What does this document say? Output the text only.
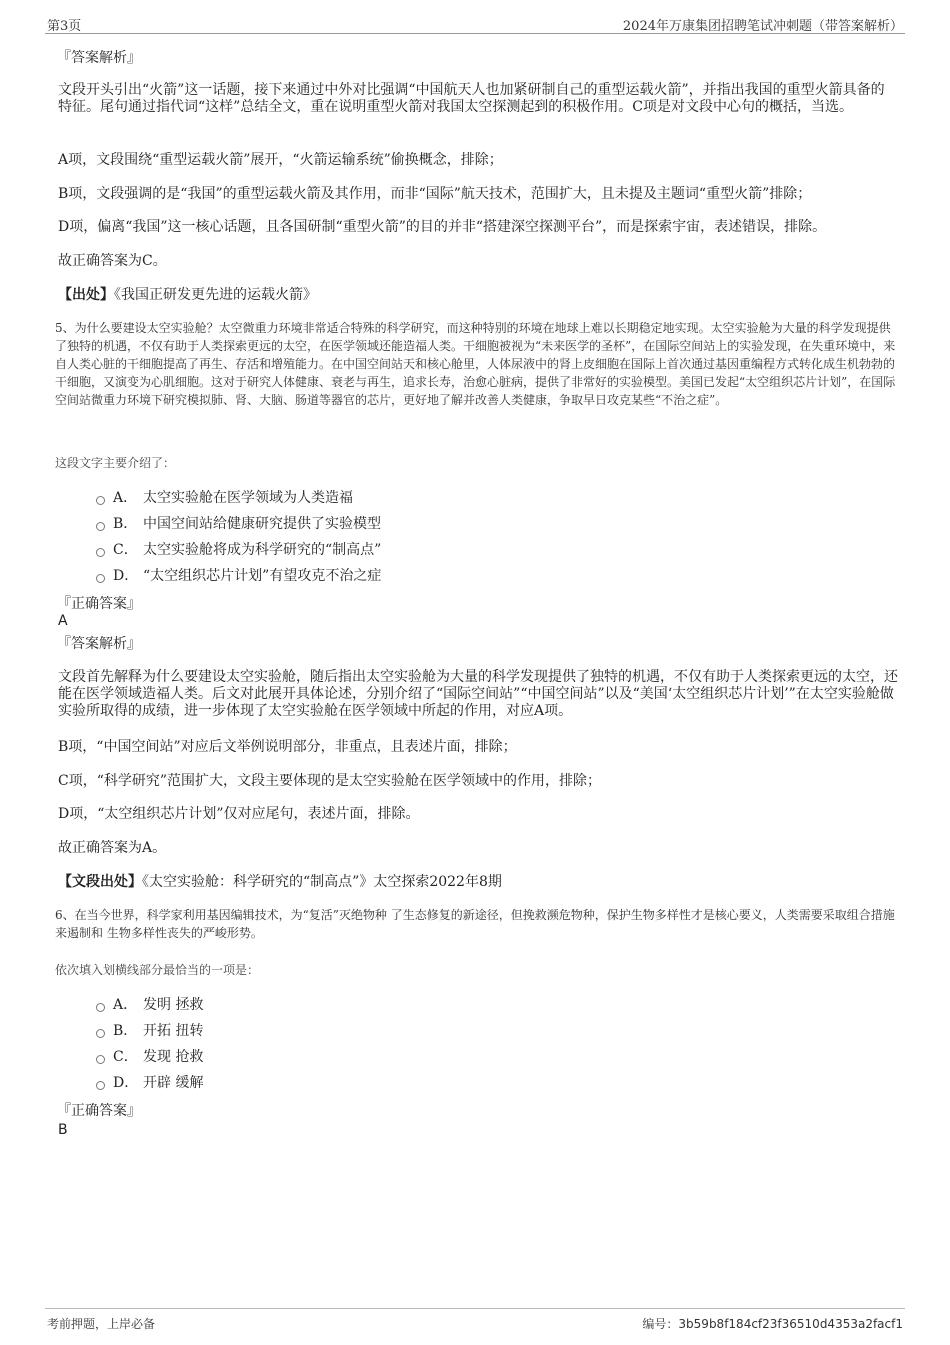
第3页	2024年万康集团招聘笔试冲刺题（带答案解析）

『答案解析』

文段开头引出“火箭”这一话题，接下来通过中外对比强调“中国航天人也加紧研制自己的重型运载火箭”，并指出我国的重型火箭具备的特征。尾句通过指代词“这样”总结全文，重在说明重型火箭对我国太空探测起到的积极作用。C项是对文段中心句的概括，当选。

A项，文段围绕“重型运载火箭”展开，“火箭运输系统”偷换概念，排除；

B项，文段强调的是“我国”的重型运载火箭及其作用，而非“国际”航天技术，范围扩大，且未提及主题词“重型火箭”排除；

D项，偏离“我国”这一核心话题，且各国研制“重型火箭”的目的并非“搭建深空探测平台”，而是探索宇宙，表述错误，排除。

故正确答案为C。

【出处】《我国正研发更先进的运载火箭》

5、为什么要建设太空实验舱？太空微重力环境非常适合特殊的科学研究，而这种特别的环境在地球上难以长期稳定地实现。太空实验舱为大量的科学发现提供了独特的机遇，不仅有助于人类探索更远的太空，在医学领域还能造福人类。干细胞被视为“未来医学的圣杯”，在国际空间站上的实验发现，在失重环境中，来自人类心脏的干细胞提高了再生、存活和增殖能力。在中国空间站天和核心舱里，人体尿液中的肾上皮细胞在国际上首次通过基因重编程方式转化成生机勃勃的干细胞，又演变为心肌细胞。这对于研究人体健康、衰老与再生，追求长寿，治愈心脏病，提供了非常好的实验模型。美国已发起“太空组织芯片计划”，在国际空间站微重力环境下研究模拟肺、肾、大脑、肠道等器官的芯片，更好地了解并改善人类健康，争取早日攻克某些“不治之症”。

这段文字主要介绍了：

A． 太空实验舱在医学领域为人类造福
B． 中国空间站给健康研究提供了实验模型
C． 太空实验舱将成为科学研究的“制高点”
D． “太空组织芯片计划”有望攻克不治之症

『正确答案』

A

『答案解析』

文段首先解释为什么要建设太空实验舱，随后指出太空实验舱为大量的科学发现提供了独特的机遇，不仅有助于人类探索更远的太空，还能在医学领域造福人类。后文对此展开具体论述，分别介绍了“国际空间站”“中国空间站”以及“美国‘太空组织芯片计划’”在太空实验舱做实验所取得的成绩，进一步体现了太空实验舱在医学领域中所起的作用，对应A项。

B项，“中国空间站”对应后文举例说明部分，非重点，且表述片面，排除；

C项，“科学研究”范围扩大，文段主要体现的是太空实验舱在医学领域中的作用，排除；

D项，“太空组织芯片计划”仅对应尾句，表述片面，排除。

故正确答案为A。

【文段出处】《太空实验舱：科学研究的“制高点”》太空探索2022年8期

6、在当今世界，科学家利用基因编辑技术，为“复活”灭绝物种 了生态修复的新途径，但挽救濒危物种，保护生物多样性才是核心要义，人类需要采取组合措施来遏制和 生物多样性丧失的严峻形势。

依次填入划横线部分最恰当的一项是：

A． 发明 拯救
B． 开拓 扭转
C． 发现 抢救
D． 开辟 缓解

『正确答案』

B

考前押题，上岸必备	编号：3b59b8f184cf23f36510d4353a2facf1
